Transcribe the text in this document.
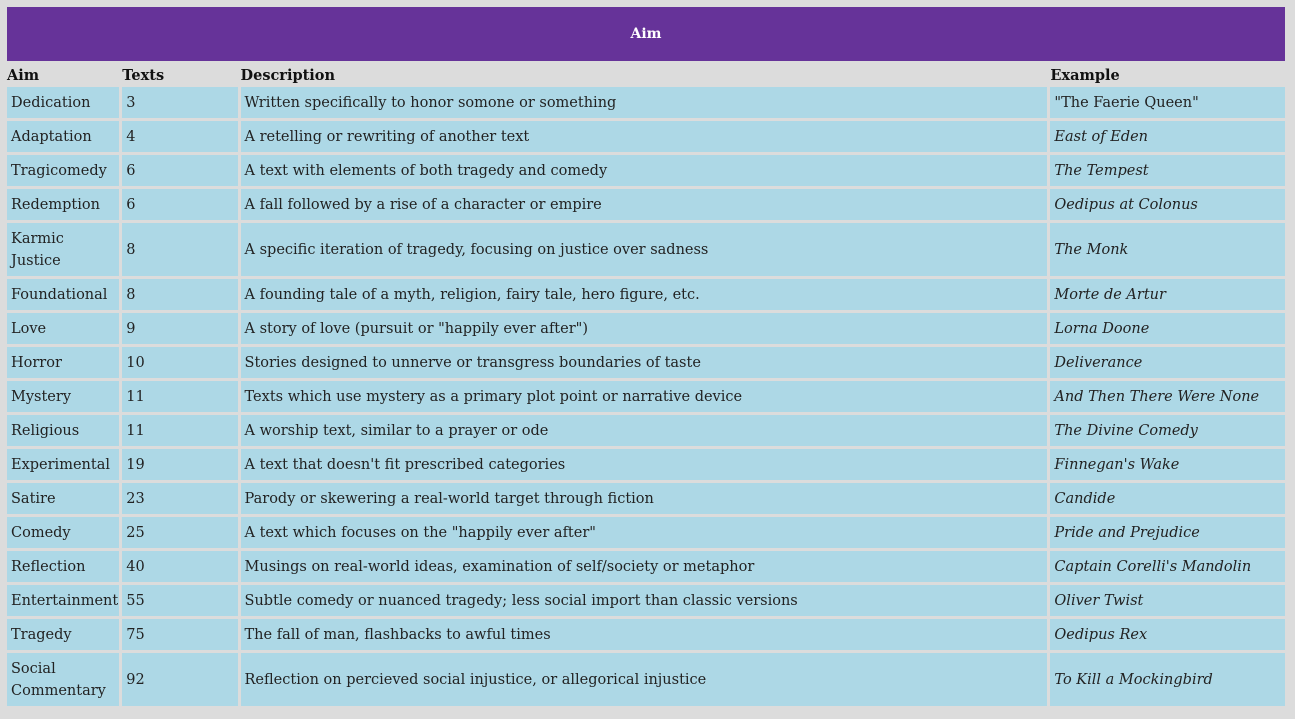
Aim
Aim	Texts	Description	Example
Dedication	3	Written specifically to honor somone or something	"The Faerie Queen"
Adaptation	4	A retelling or rewriting of another text	East of Eden
Tragicomedy	6	A text with elements of both tragedy and comedy	The Tempest
Redemption	6	A fall followed by a rise of a character or empire	Oedipus at Colonus
Karmic Justice	8	A specific iteration of tragedy, focusing on justice over sadness	The Monk
Foundational	8	A founding tale of a myth, religion, fairy tale, hero figure, etc.	Morte de Artur
Love	9	A story of love (pursuit or "happily ever after")	Lorna Doone
Horror	10	Stories designed to unnerve or transgress boundaries of taste	Deliverance
Mystery	11	Texts which use mystery as a primary plot point or narrative device	And Then There Were None
Religious	11	A worship text, similar to a prayer or ode	The Divine Comedy
Experimental	19	A text that doesn't fit prescribed categories	Finnegan's Wake
Satire	23	Parody or skewering a real-world target through fiction	Candide
Comedy	25	A text which focuses on the "happily ever after"	Pride and Prejudice
Reflection	40	Musings on real-world ideas, examination of self/society or metaphor	Captain Corelli's Mandolin
Entertainment	55	Subtle comedy or nuanced tragedy; less social import than classic versions	Oliver Twist
Tragedy	75	The fall of man, flashbacks to awful times	Oedipus Rex
Social Commentary	92	Reflection on percieved social injustice, or allegorical injustice	To Kill a Mockingbird
